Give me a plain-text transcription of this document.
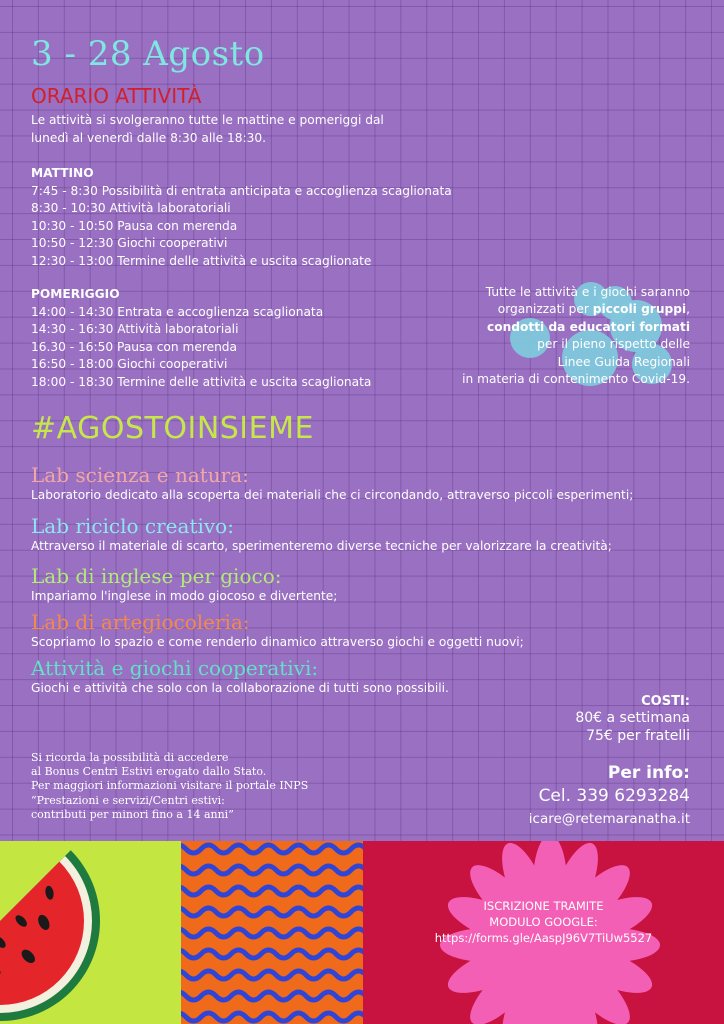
3 - 28 Agosto
ORARIO ATTIVITÀ
Le attività si svolgeranno tutte le mattine e pomeriggi dal
lunedì al venerdì dalle 8:30 alle 18:30.
MATTINO
7:45 - 8:30 Possibilità di entrata anticipata e accoglienza scaglionata
8:30 - 10:30 Attività laboratoriali
10:30 - 10:50 Pausa con merenda
10:50 - 12:30 Giochi cooperativi
12:30 - 13:00 Termine delle attività e uscita scaglionate
POMERIGGIO
14:00 - 14:30 Entrata e accoglienza scaglionata
14:30 - 16:30 Attività laboratoriali
16.30 - 16:50 Pausa con merenda
16:50 - 18:00 Giochi cooperativi
18:00 - 18:30 Termine delle attività e uscita scaglionata
Tutte le attività e i giochi saranno
organizzati per piccoli gruppi,
condotti da educatori formati
per il pieno rispetto delle
Linee Guida Regionali
in materia di contenimento Covid-19.
#AGOSTOINSIEME
Lab scienza e natura:
Laboratorio dedicato alla scoperta dei materiali che ci circondando, attraverso piccoli esperimenti;
Lab riciclo creativo:
Attraverso il materiale di scarto, sperimenteremo diverse tecniche per valorizzare la creatività;
Lab di inglese per gioco:
Impariamo l'inglese in modo giocoso e divertente;
Lab di artegiocoleria:
Scopriamo lo spazio e come renderlo dinamico attraverso giochi e oggetti nuovi;
Attività e giochi cooperativi:
Giochi e attività che solo con la collaborazione di tutti sono possibili.
COSTI:
80€ a settimana
75€ per fratelli
Per info:
Cel. 339 6293284
icare@retemaranatha.it
Si ricorda la possibilità di accedere
al Bonus Centri Estivi erogato dallo Stato.
Per maggiori informazioni visitare il portale INPS
“Prestazioni e servizi/Centri estivi:
contributi per minori fino a 14 anni”
ISCRIZIONE TRAMITE
MODULO GOOGLE:
https://forms.gle/AaspJ96V7TiUw5527
